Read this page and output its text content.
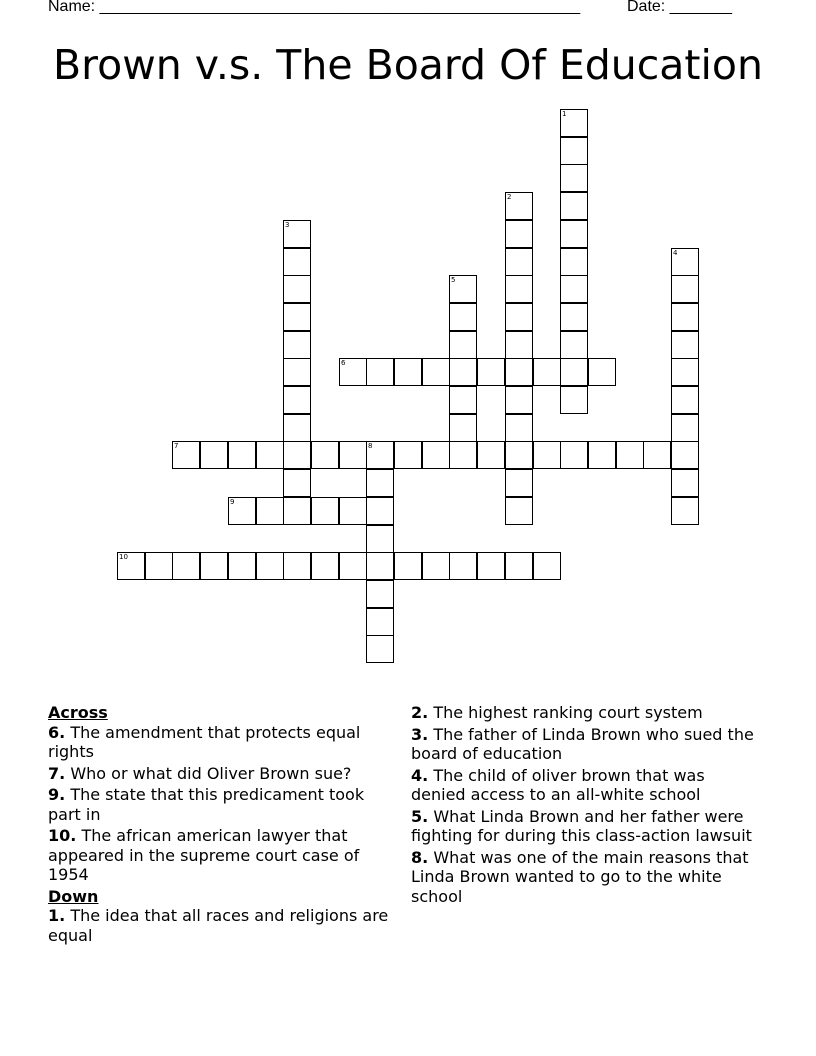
Name: ______________________________________________________	Date: _______
Brown v.s. The Board Of Education
1
2
3
4
5
6
7	8
9
10

Across

6. The amendment that protects equal rights

7. Who or what did Oliver Brown sue?

9. The state that this predicament took part in

10. The african american lawyer that appeared in the supreme court case of 1954

Down

1. The idea that all races and religions are equal

2. The highest ranking court system

3. The father of Linda Brown who sued the board of education

4. The child of oliver brown that was denied access to an all-white school

5. What Linda Brown and her father were fighting for during this class-action lawsuit

8. What was one of the main reasons that Linda Brown wanted to go to the white school
